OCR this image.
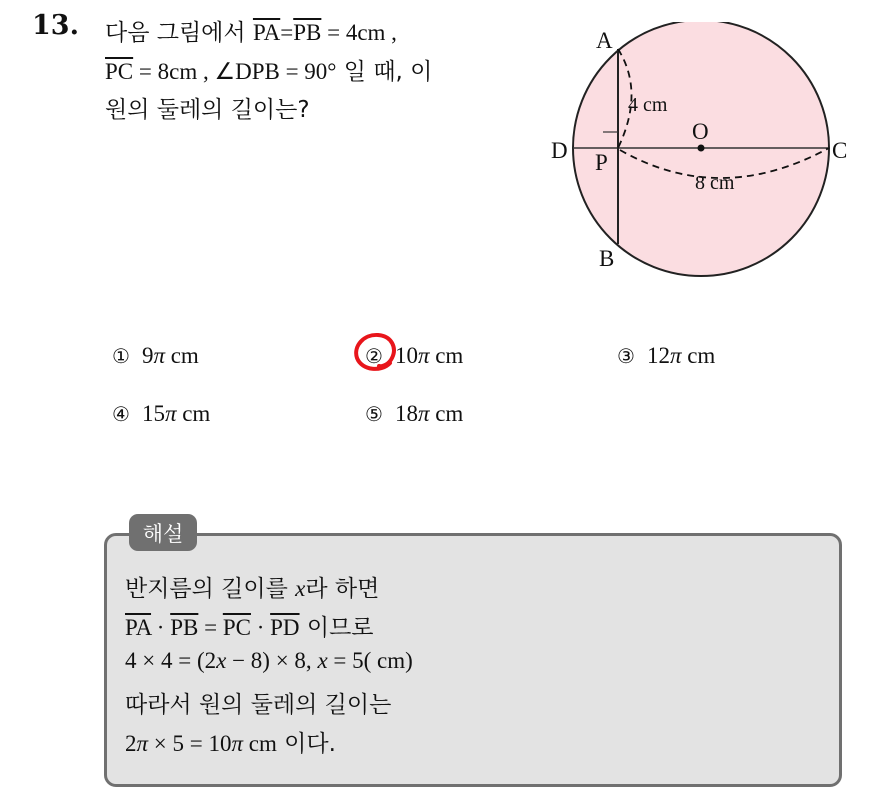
13. 다음 그림에서 $\overline{PA}=\overline{PB} = 4cm$ ,
$\overline{PC} = 8cm$ , ∠DPB = 90° 일 때, 이
원의 둘레의 길이는?
A
B
C
D P
O
4 cm
8 cm
① 9π cm	② 10π cm	③ 12π cm
④ 15π cm	⑤ 18π cm
해설
반지름의 길이를 x라 하면
$\overline{PA} \cdot \overline{PB} = \overline{PC} \cdot \overline{PD}$ 이므로
4 × 4 = (2x − 8) × 8, x = 5( cm)
따라서 원의 둘레의 길이는
2π × 5 = 10π cm 이다.
